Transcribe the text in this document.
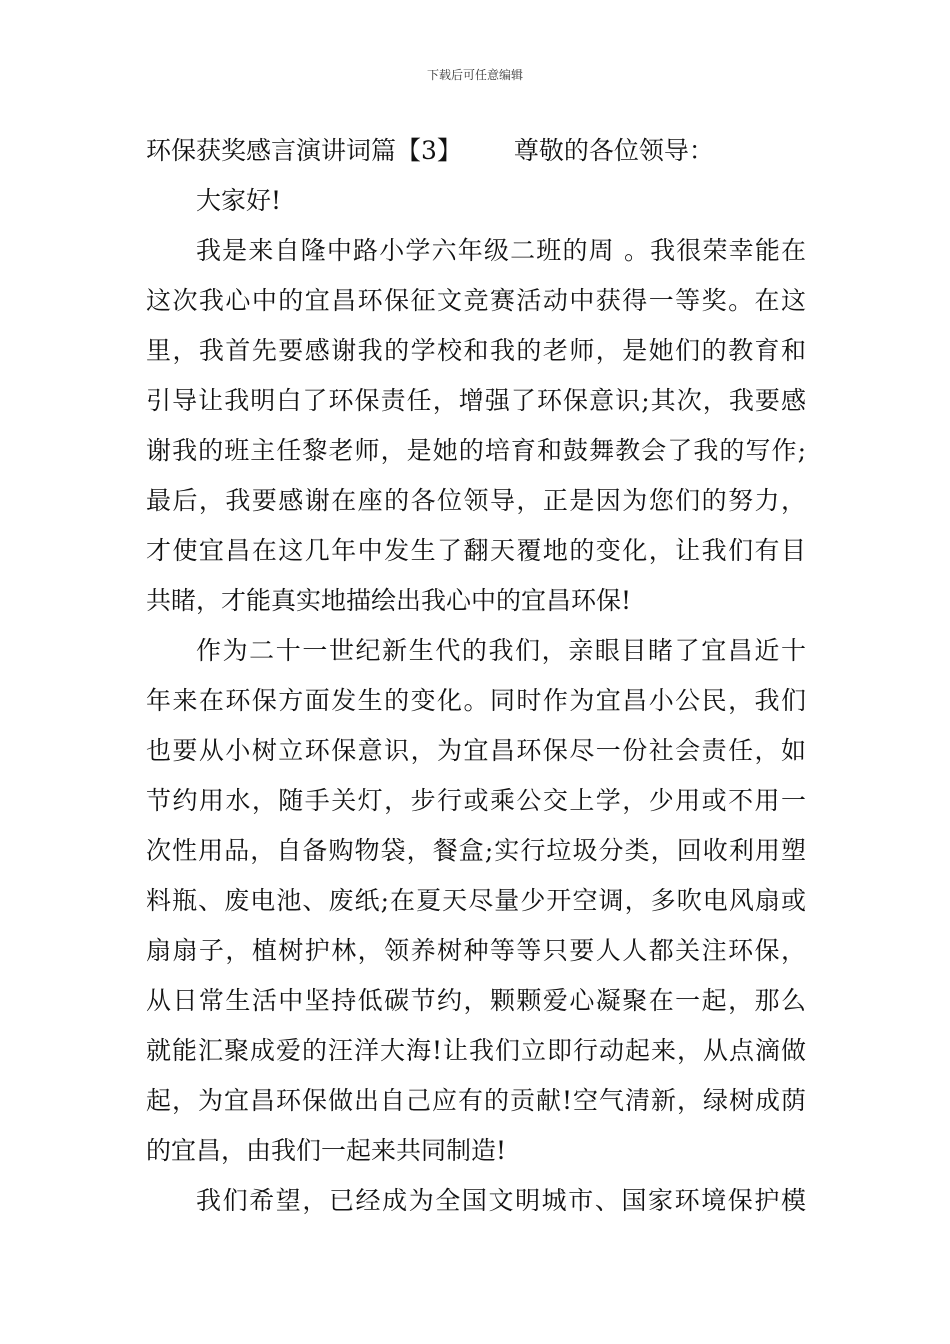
下载后可任意编辑
环保获奖感言演讲词篇【3】 尊敬的各位领导：
大家好!
我是来自隆中路小学六年级二班的周 。我很荣幸能在
这次我心中的宜昌环保征文竞赛活动中获得一等奖。在这
里，我首先要感谢我的学校和我的老师，是她们的教育和
引导让我明白了环保责任，增强了环保意识;其次，我要感
谢我的班主任黎老师，是她的培育和鼓舞教会了我的写作;
最后，我要感谢在座的各位领导，正是因为您们的努力，
才使宜昌在这几年中发生了翻天覆地的变化，让我们有目
共睹，才能真实地描绘出我心中的宜昌环保!
作为二十一世纪新生代的我们，亲眼目睹了宜昌近十
年来在环保方面发生的变化。同时作为宜昌小公民，我们
也要从小树立环保意识，为宜昌环保尽一份社会责任，如
节约用水，随手关灯，步行或乘公交上学，少用或不用一
次性用品，自备购物袋，餐盒;实行垃圾分类，回收利用塑
料瓶、废电池、废纸;在夏天尽量少开空调，多吹电风扇或
扇扇子，植树护林，领养树种等等只要人人都关注环保，
从日常生活中坚持低碳节约，颗颗爱心凝聚在一起，那么
就能汇聚成爱的汪洋大海!让我们立即行动起来，从点滴做
起，为宜昌环保做出自己应有的贡献!空气清新，绿树成荫
的宜昌，由我们一起来共同制造!
我们希望，已经成为全国文明城市、国家环境保护模
